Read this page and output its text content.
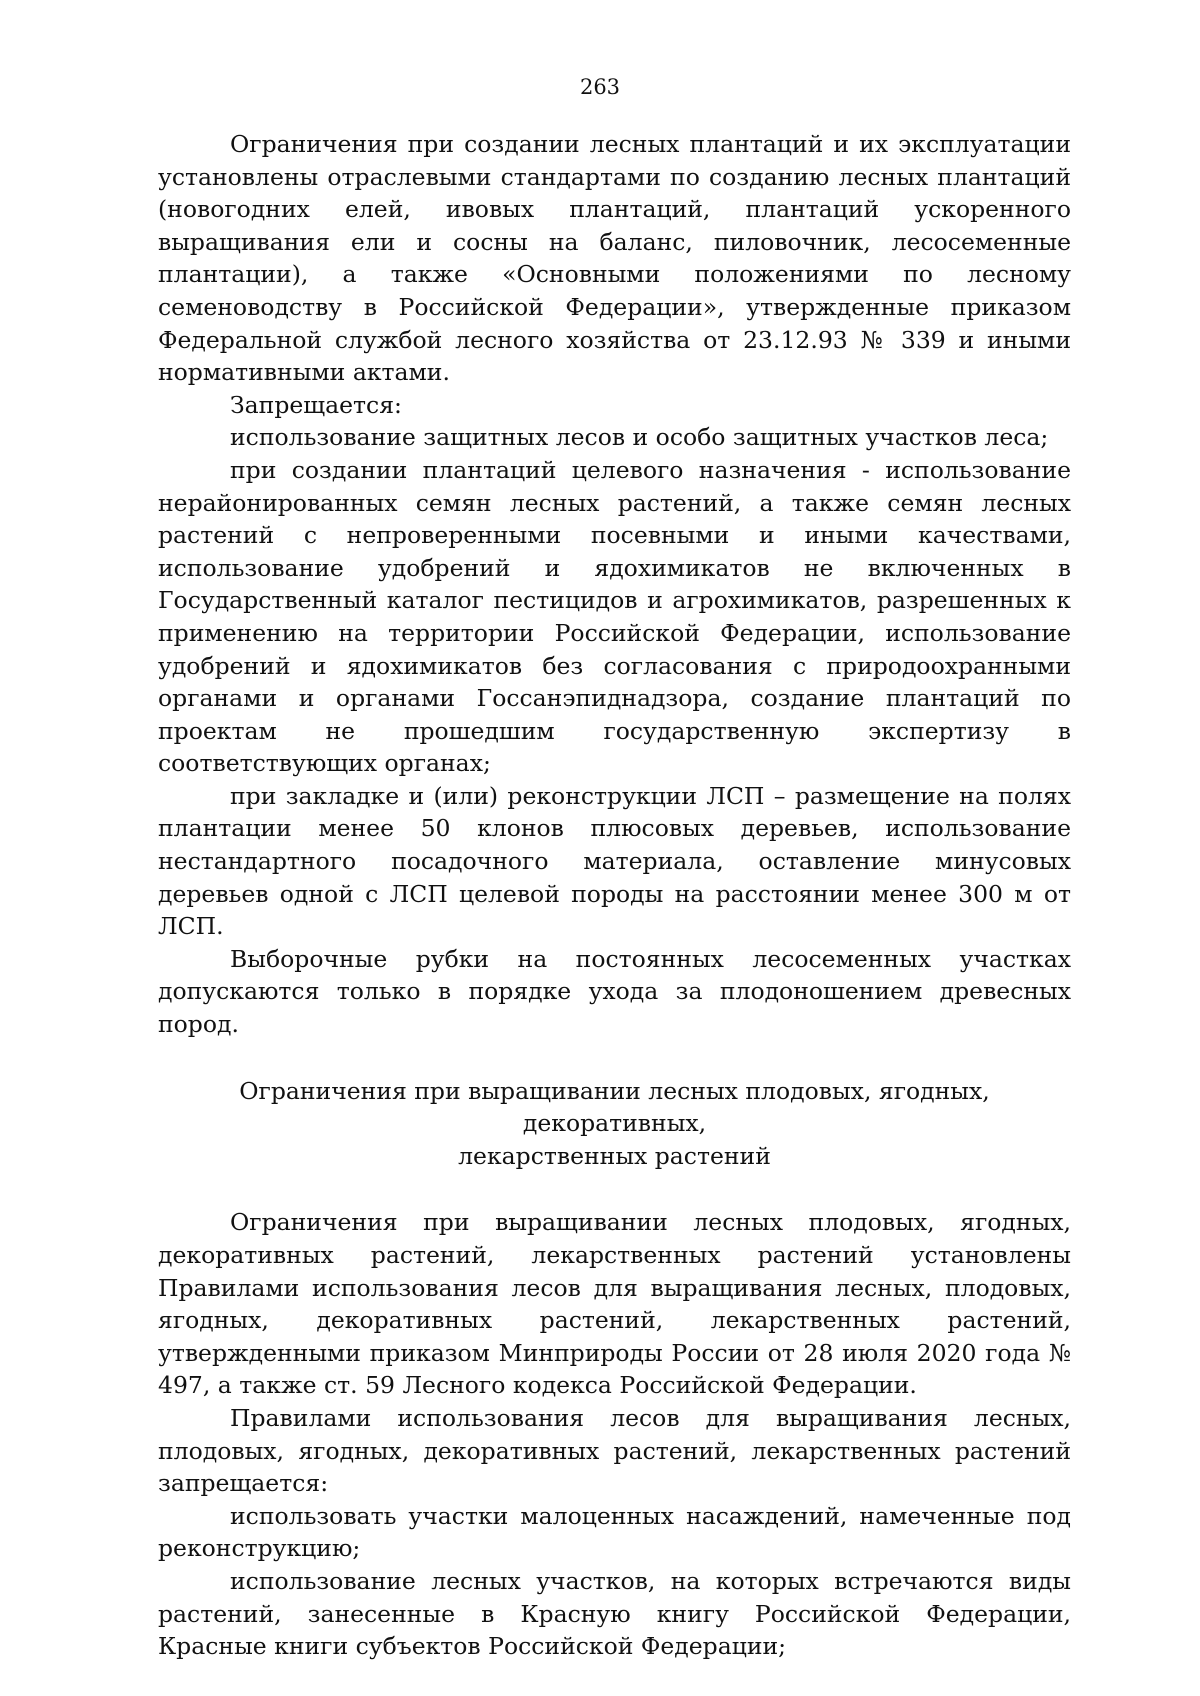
263

Ограничения при создании лесных плантаций и их эксплуатации установлены отраслевыми стандартами по созданию лесных плантаций (новогодних елей, ивовых плантаций, плантаций ускоренного выращивания ели и сосны на баланс, пиловочник, лесосеменные плантации), а также «Основными положениями по лесному семеноводству в Российской Федерации», утвержденные приказом Федеральной службой лесного хозяйства от 23.12.93 № 339 и иными нормативными актами.

Запрещается:

использование защитных лесов и особо защитных участков леса;

при создании плантаций целевого назначения - использование нерайонированных семян лесных растений, а также семян лесных растений с непроверенными посевными и иными качествами, использование удобрений и ядохимикатов не включенных в Государственный каталог пестицидов и агрохимикатов, разрешенных к применению на территории Российской Федерации, использование удобрений и ядохимикатов без согласования с природоохранными органами и органами Госсанэпиднадзора, создание плантаций по проектам не прошедшим государственную экспертизу в соответствующих органах;

при закладке и (или) реконструкции ЛСП – размещение на полях плантации менее 50 клонов плюсовых деревьев, использование нестандартного посадочного материала, оставление минусовых деревьев одной с ЛСП целевой породы на расстоянии менее 300 м от ЛСП.

Выборочные рубки на постоянных лесосеменных участках допускаются только в порядке ухода за плодоношением древесных пород.

Ограничения при выращивании лесных плодовых, ягодных, декоративных,
лекарственных растений

Ограничения при выращивании лесных плодовых, ягодных, декоративных растений, лекарственных растений установлены Правилами использования лесов для выращивания лесных, плодовых, ягодных, декоративных растений, лекарственных растений, утвержденными приказом Минприроды России от 28 июля 2020 года № 497, а также ст. 59 Лесного кодекса Российской Федерации.

Правилами использования лесов для выращивания лесных, плодовых, ягодных, декоративных растений, лекарственных растений запрещается:

использовать участки малоценных насаждений, намеченные под реконструкцию;

использование лесных участков, на которых встречаются виды растений, занесенные в Красную книгу Российской Федерации, Красные книги субъектов Российской Федерации;
